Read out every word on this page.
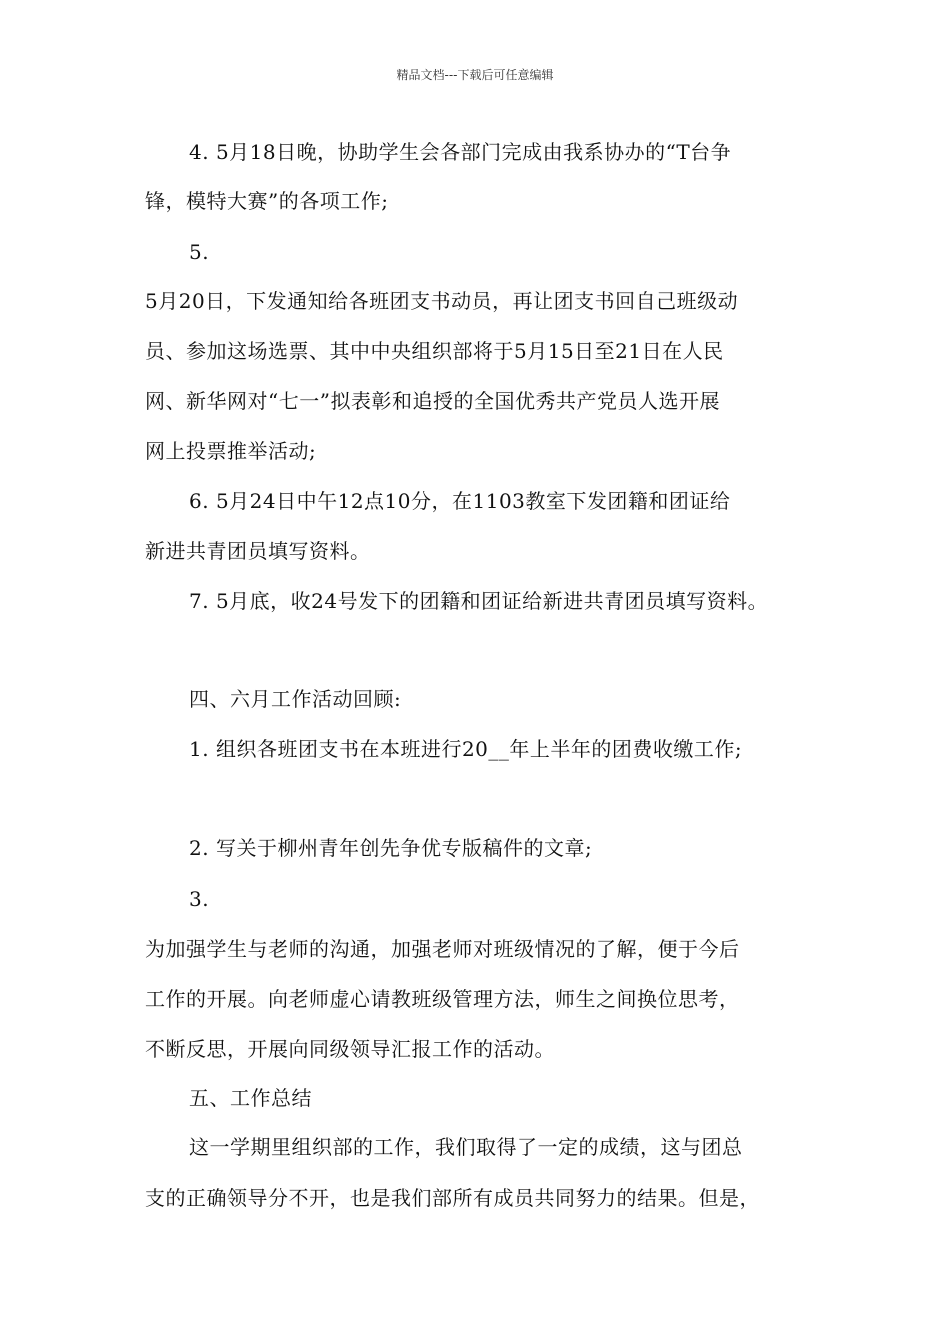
精品文档---下载后可任意编辑
4. 5月18日晚，协助学生会各部门完成由我系协办的“T台争
锋，模特大赛”的各项工作;
5.
5月20日，下发通知给各班团支书动员，再让团支书回自己班级动
员、参加这场选票、其中中央组织部将于5月15日至21日在人民
网、新华网对“七一”拟表彰和追授的全国优秀共产党员人选开展
网上投票推举活动;
6. 5月24日中午12点10分，在1103教室下发团籍和团证给
新进共青团员填写资料。
7. 5月底，收24号发下的团籍和团证给新进共青团员填写资料。
四、六月工作活动回顾:
1. 组织各班团支书在本班进行20__年上半年的团费收缴工作;
2. 写关于柳州青年创先争优专版稿件的文章;
3.
为加强学生与老师的沟通，加强老师对班级情况的了解，便于今后
工作的开展。向老师虚心请教班级管理方法，师生之间换位思考，
不断反思，开展向同级领导汇报工作的活动。
五、工作总结
这一学期里组织部的工作，我们取得了一定的成绩，这与团总
支的正确领导分不开，也是我们部所有成员共同努力的结果。但是，
